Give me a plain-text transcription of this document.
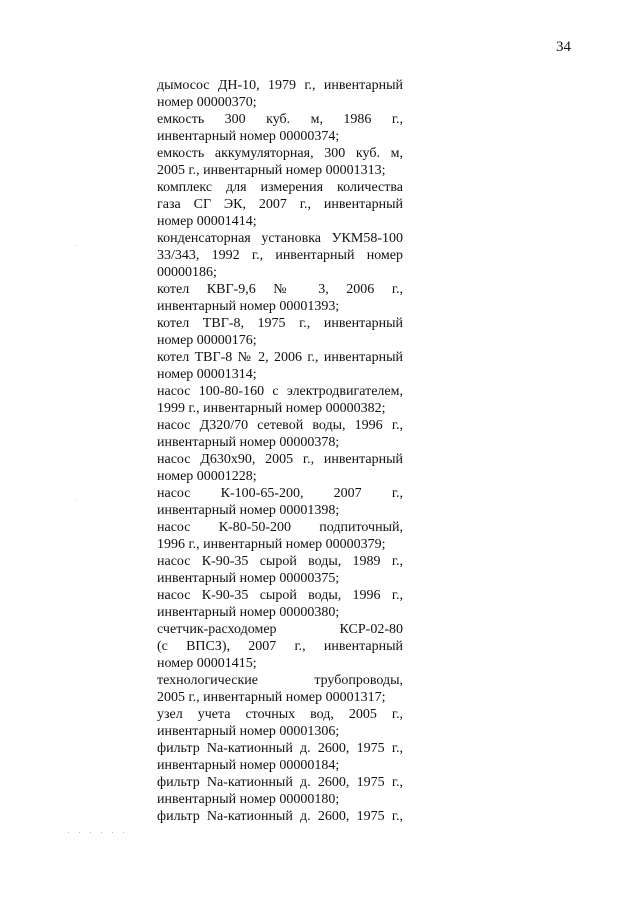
34
дымосос ДН-10, 1979 г., инвентарный
номер 00000370;
емкость 300 куб. м, 1986 г.,
инвентарный номер 00000374;
емкость аккумуляторная, 300 куб. м,
2005 г., инвентарный номер 00001313;
комплекс для измерения количества
газа СГ ЭК, 2007 г., инвентарный
номер 00001414;
конденсаторная установка УКМ58-100
33/343, 1992 г., инвентарный номер
00000186;
котел КВГ-9,6 № 3, 2006 г.,
инвентарный номер 00001393;
котел ТВГ-8, 1975 г., инвентарный
номер 00000176;
котел ТВГ-8 № 2, 2006 г., инвентарный
номер 00001314;
насос 100-80-160 с электродвигателем,
1999 г., инвентарный номер 00000382;
насос Д320/70 сетевой воды, 1996 г.,
инвентарный номер 00000378;
насос Д630х90, 2005 г., инвентарный
номер 00001228;
насос К-100-65-200, 2007 г.,
инвентарный номер 00001398;
насос К-80-50-200 подпиточный,
1996 г., инвентарный номер 00000379;
насос К-90-35 сырой воды, 1989 г.,
инвентарный номер 00000375;
насос К-90-35 сырой воды, 1996 г.,
инвентарный номер 00000380;
счетчик-расходомер КСР-02-80
(с ВПСЗ), 2007 г., инвентарный
номер 00001415;
технологические трубопроводы,
2005 г., инвентарный номер 00001317;
узел учета сточных вод, 2005 г.,
инвентарный номер 00001306;
фильтр Na-катионный д. 2600, 1975 г.,
инвентарный номер 00000184;
фильтр Na-катионный д. 2600, 1975 г.,
инвентарный номер 00000180;
фильтр Na-катионный д. 2600, 1975 г.,
